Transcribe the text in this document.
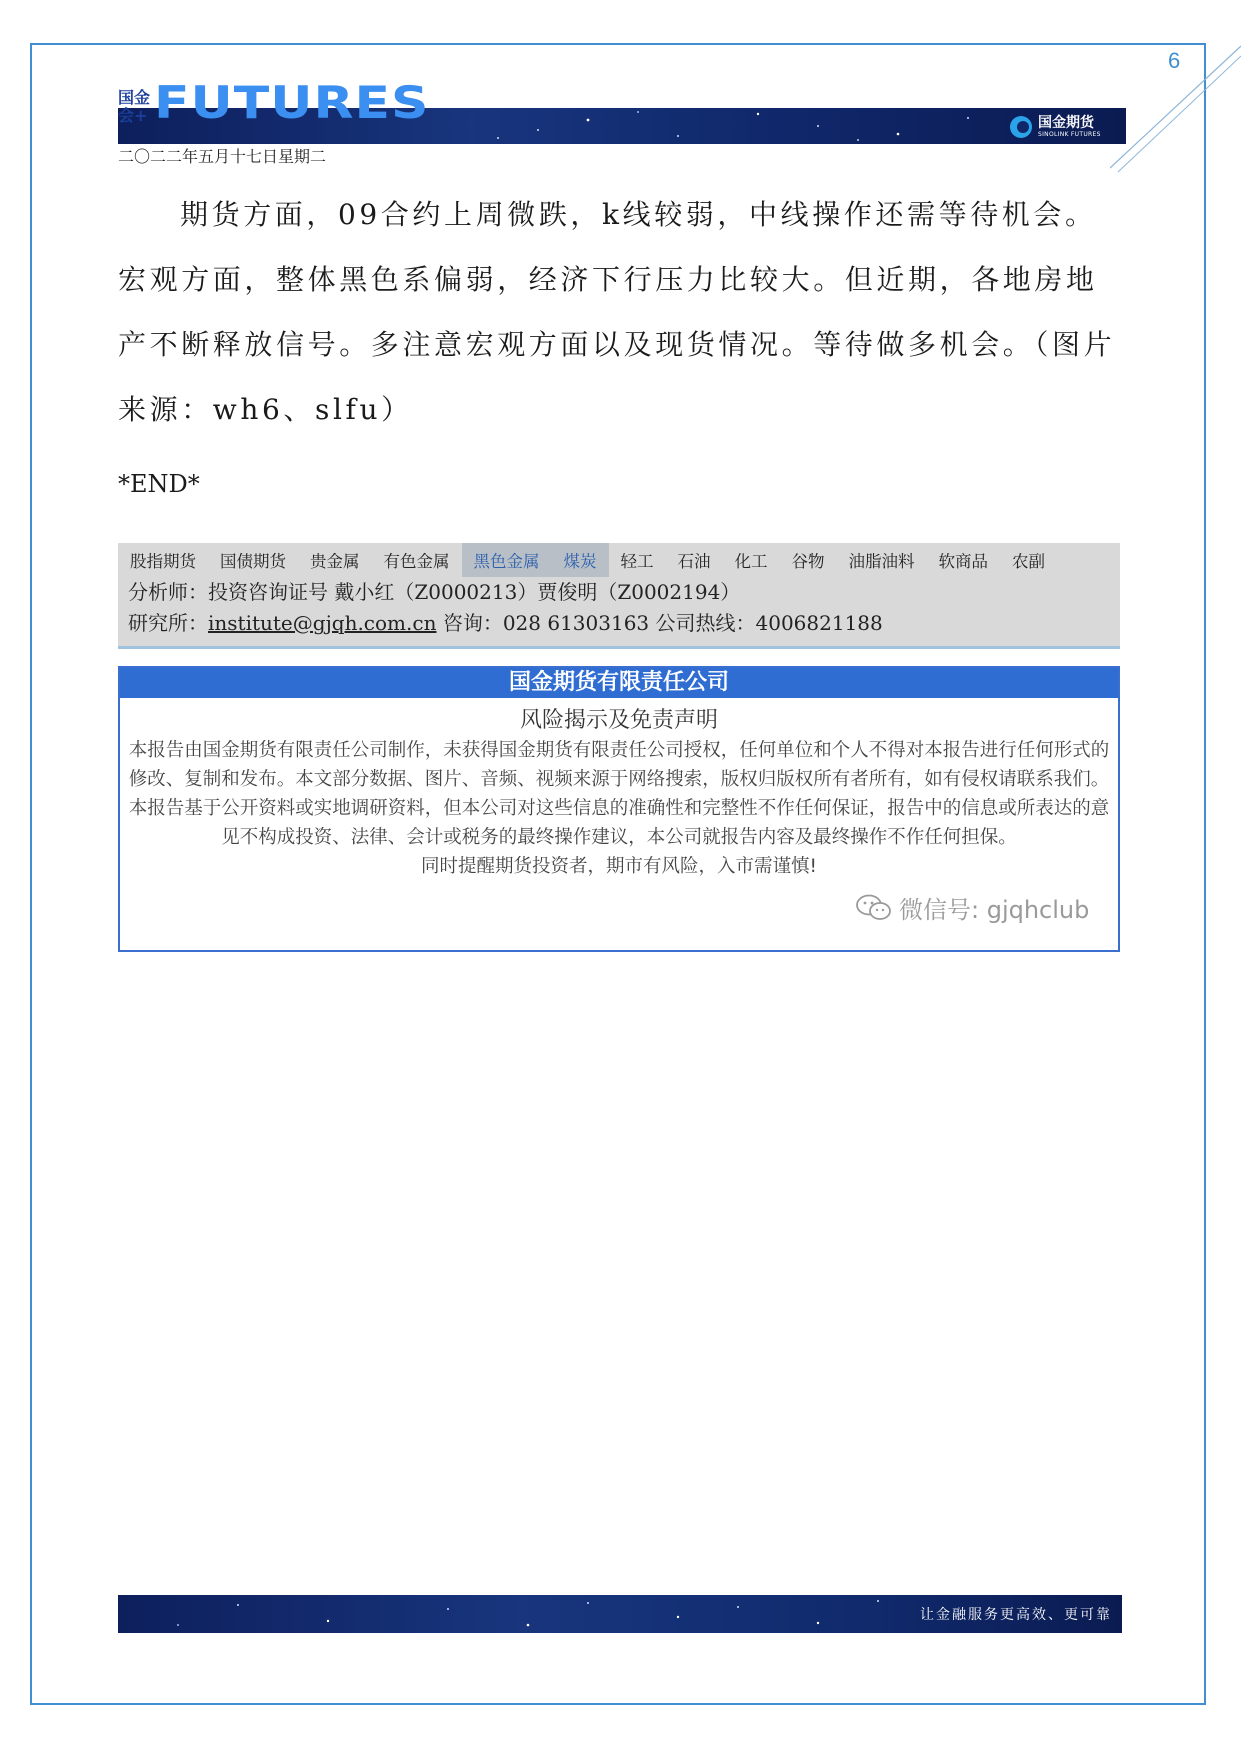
6
国金会+ FUTURES	国金期货
SINOLINK FUTURES
二〇二二年五月十七日星期二
期货方面，09合约上周微跌，k线较弱，中线操作还需等待机会。宏观方面，整体黑色系偏弱，经济下行压力比较大。但近期，各地房地产不断释放信号。多注意宏观方面以及现货情况。等待做多机会。（图片来源：wh6、slfu）
*END*
股指期货	国债期货	贵金属	有色金属	黑色金属	煤炭	轻工	石油	化工	谷物	油脂油料	软商品	农副
分析师：投资咨询证号 戴小红（Z0000213）贾俊明（Z0002194）
研究所：institute@gjqh.com.cn 咨询：028 61303163 公司热线：4006821188
国金期货有限责任公司
风险揭示及免责声明

本报告由国金期货有限责任公司制作，未获得国金期货有限责任公司授权，任何单位和个人不得对本报告进行任何形式的修改、复制和发布。本文部分数据、图片、音频、视频来源于网络搜索，版权归版权所有者所有，如有侵权请联系我们。

本报告基于公开资料或实地调研资料，但本公司对这些信息的准确性和完整性不作任何保证，报告中的信息或所表达的意见不构成投资、法律、会计或税务的最终操作建议，本公司就报告内容及最终操作不作任何担保。

同时提醒期货投资者，期市有风险，入市需谨慎!

微信号: gjqhclub
让金融服务更高效、更可靠
